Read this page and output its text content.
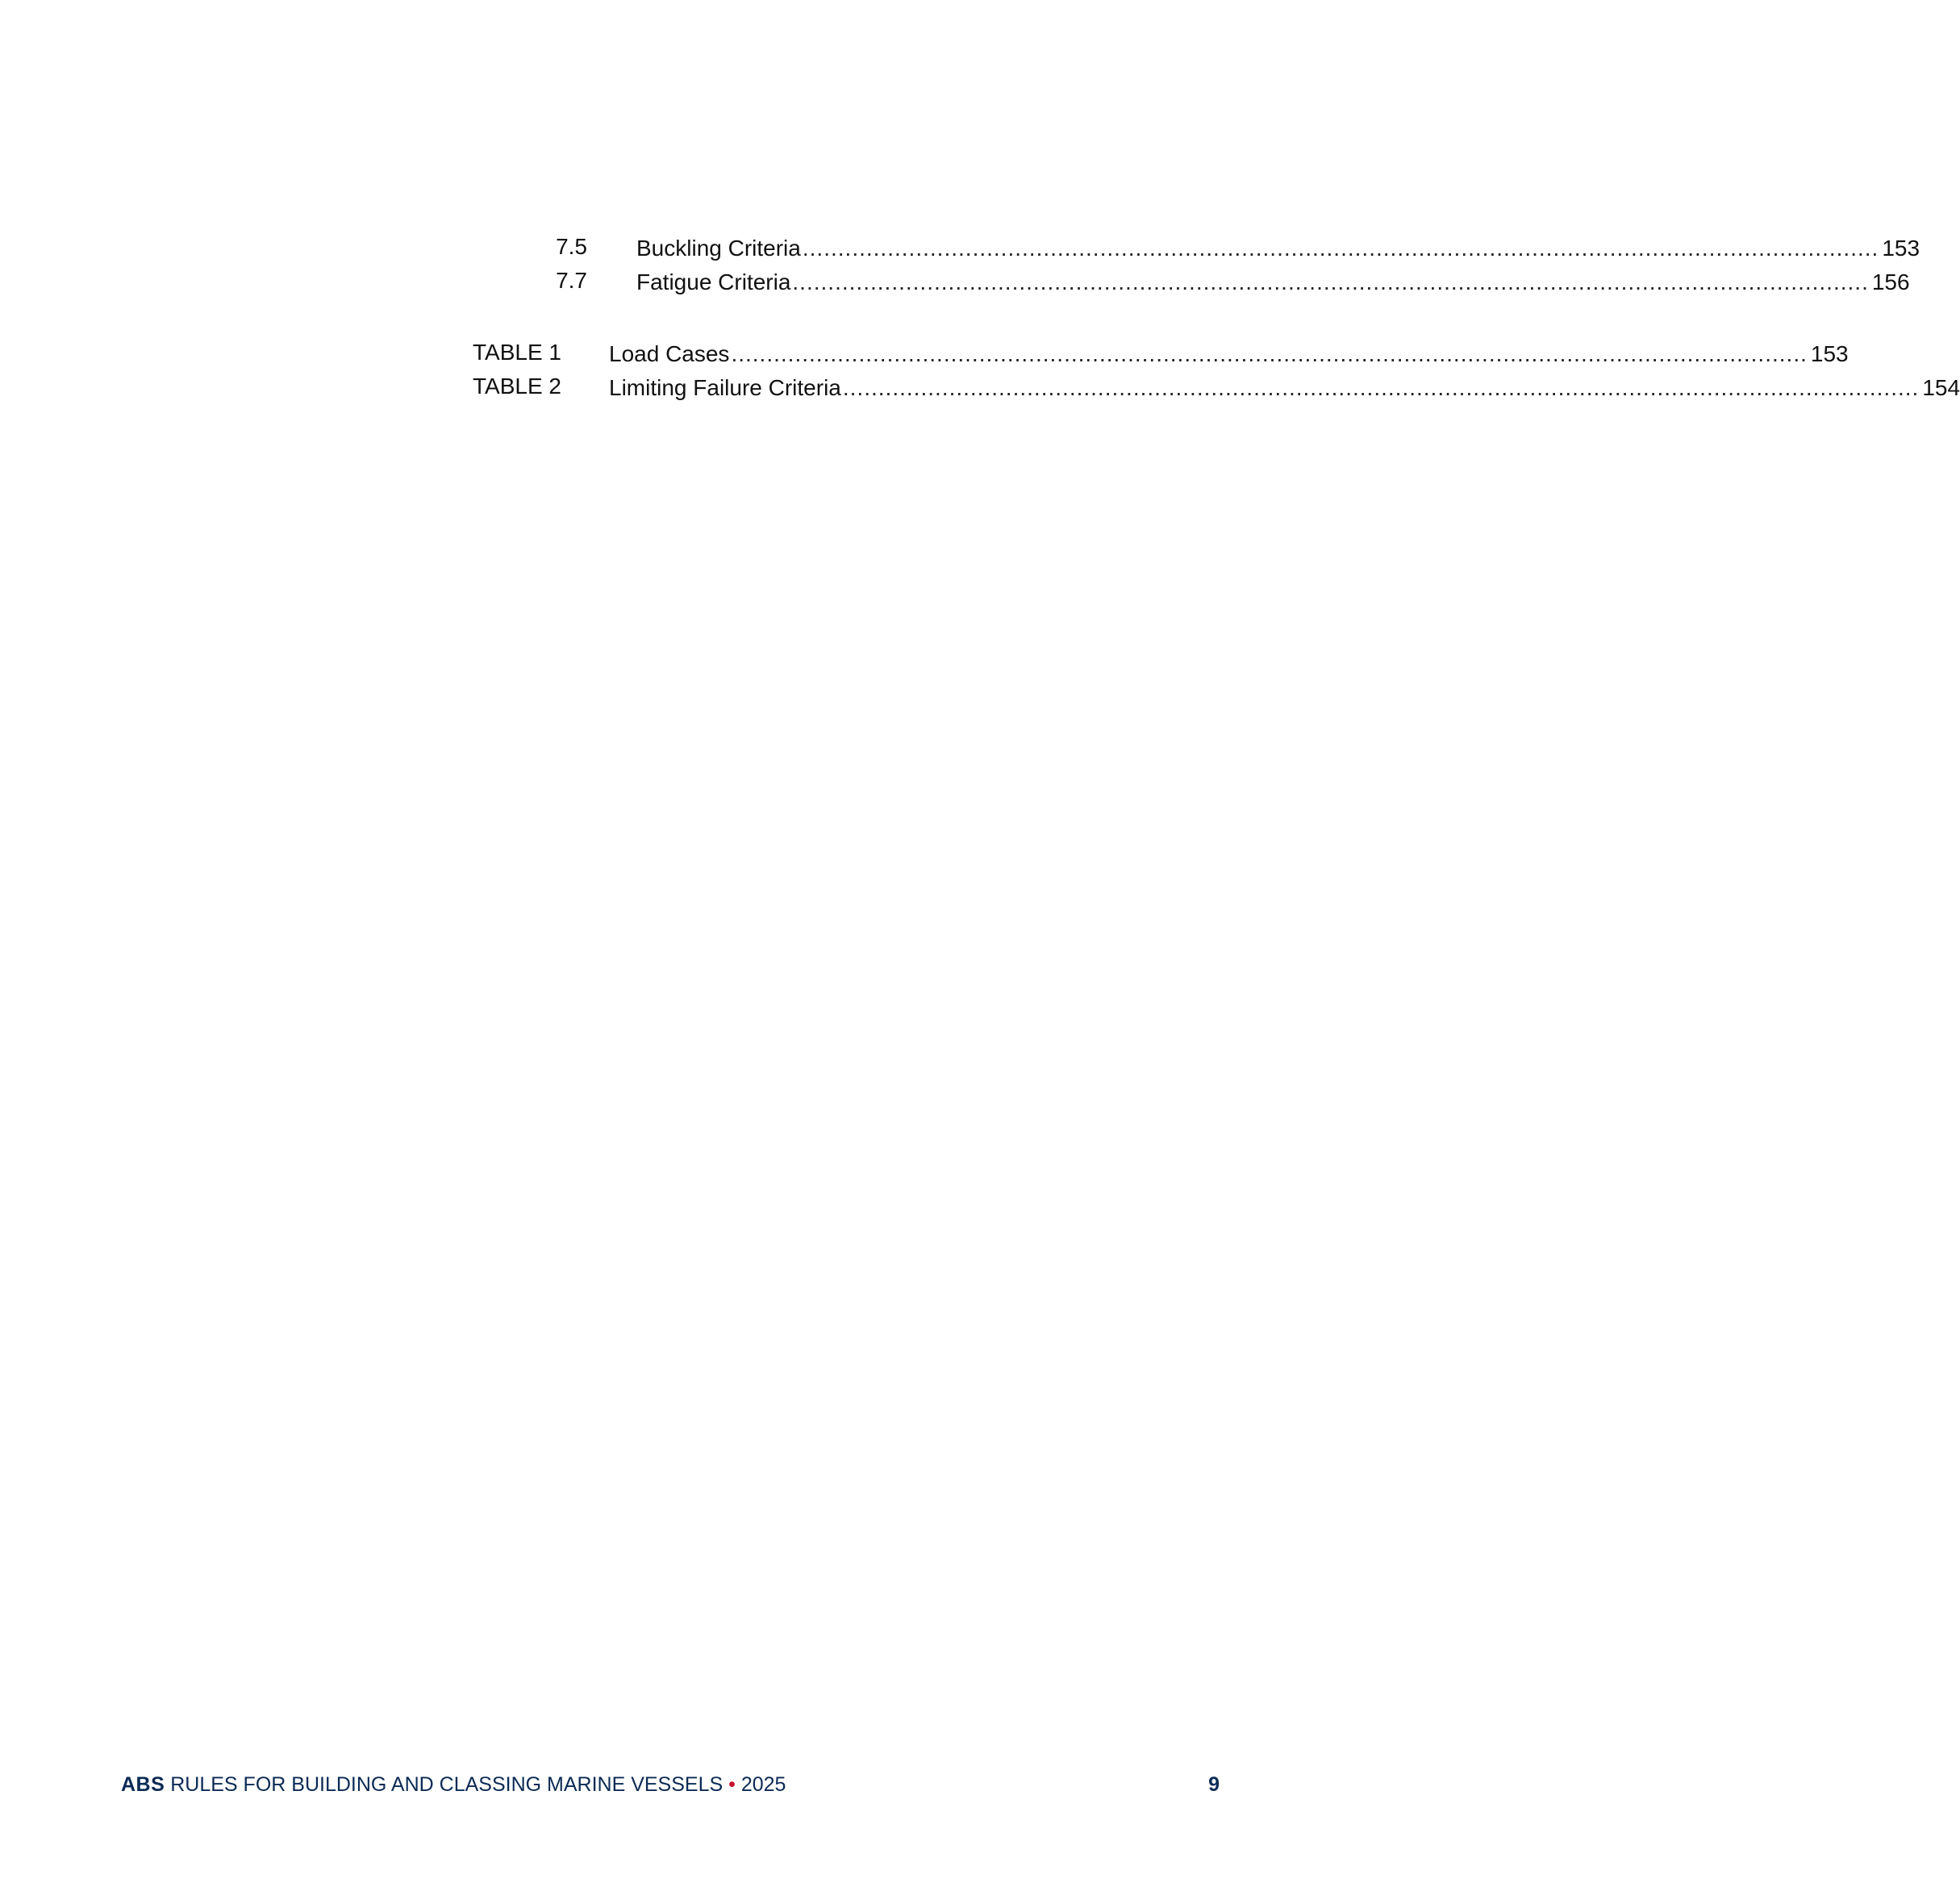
7.5 Buckling Criteria ........................................................................................................................................................ 153
7.7 Fatigue Criteria ........................................................................................................................................................ 156
TABLE 1	Load Cases ........................................................................................................................................................ 153
TABLE 2	Limiting Failure Criteria ........................................................................................................................................................ 154
ABS RULES FOR BUILDING AND CLASSING MARINE VESSELS • 2025	9
